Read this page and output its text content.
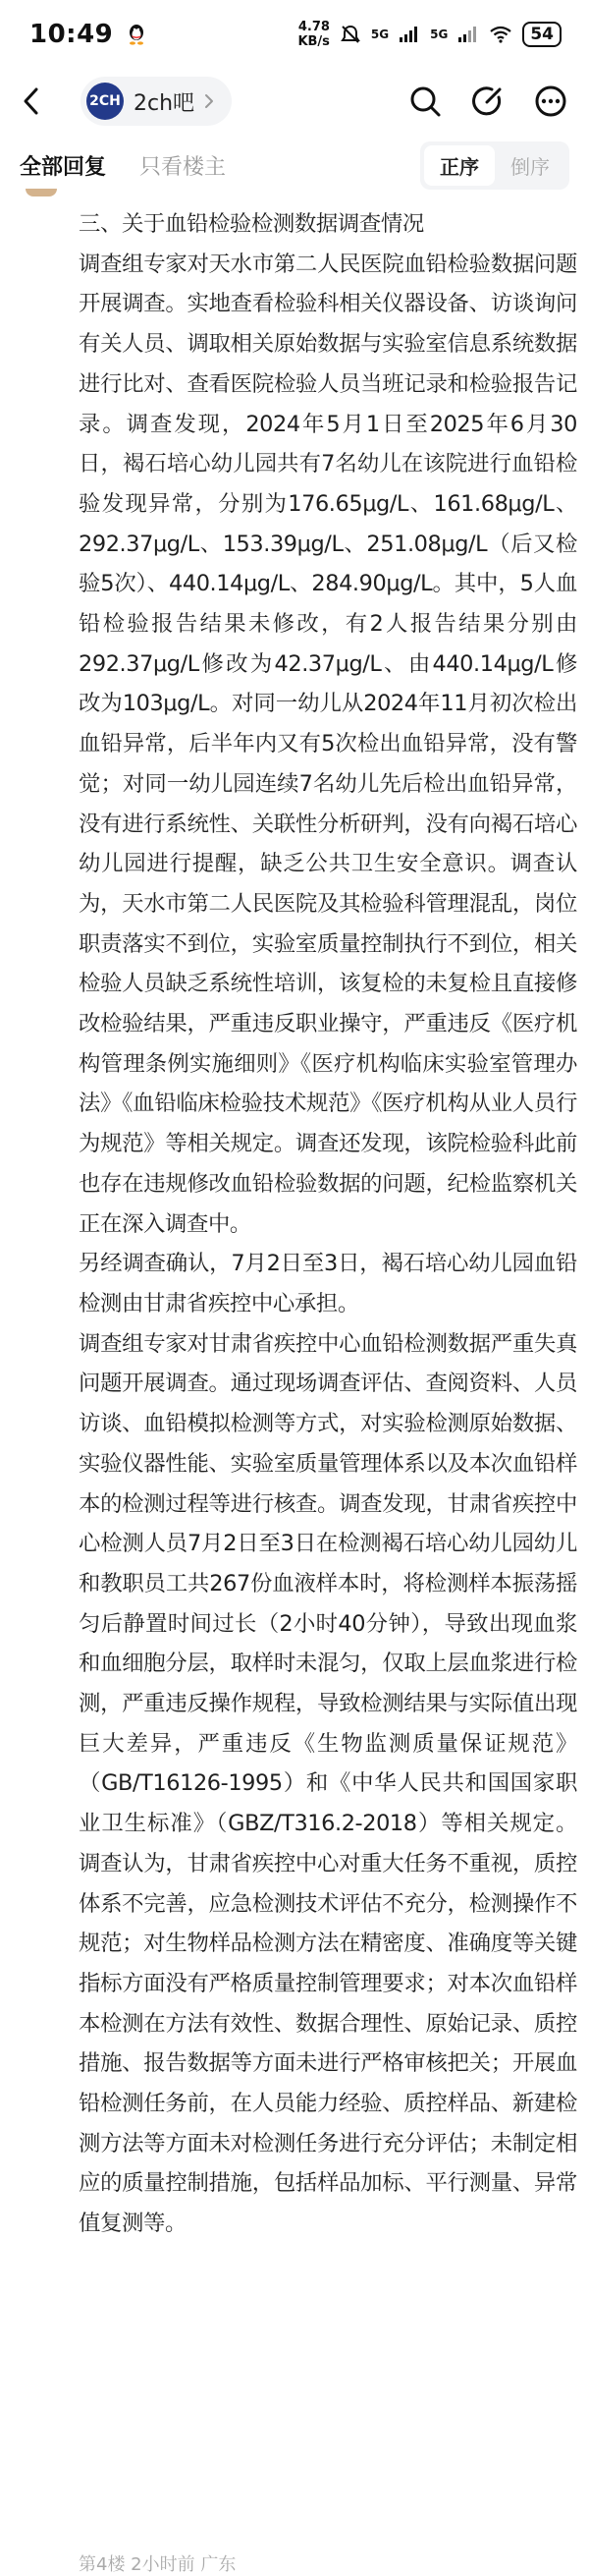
10:49	4.78
KB/s	5G	5G	54
2CH 2ch吧
全部回复 只看楼主	正序	倒序

三、关于血铅检验检测数据调查情况

调查组专家对天水市第二人民医院血铅检验数据问题开展调查。实地查看检验科相关仪器设备、访谈询问有关人员、调取相关原始数据与实验室信息系统数据进行比对、查看医院检验人员当班记录和检验报告记录。调查发现，2024年5月1日至2025年6月30日，褐石培心幼儿园共有7名幼儿在该院进行血铅检验发现异常，分别为176.65μg/L、161.68μg/L、292.37μg/L、153.39μg/L、251.08μg/L（后又检验5次）、440.14μg/L、284.90μg/L。其中，5人血铅检验报告结果未修改，有2人报告结果分别由292.37μg/L修改为42.37μg/L、由440.14μg/L修改为103μg/L。对同一幼儿从2024年11月初次检出血铅异常，后半年内又有5次检出血铅异常，没有警觉；对同一幼儿园连续7名幼儿先后检出血铅异常，没有进行系统性、关联性分析研判，没有向褐石培心幼儿园进行提醒，缺乏公共卫生安全意识。调查认为，天水市第二人民医院及其检验科管理混乱，岗位职责落实不到位，实验室质量控制执行不到位，相关检验人员缺乏系统性培训，该复检的未复检且直接修改检验结果，严重违反职业操守，严重违反《医疗机构管理条例实施细则》《医疗机构临床实验室管理办法》《血铅临床检验技术规范》《医疗机构从业人员行为规范》等相关规定。调查还发现，该院检验科此前也存在违规修改血铅检验数据的问题，纪检监察机关正在深入调查中。

另经调查确认，7月2日至3日，褐石培心幼儿园血铅检测由甘肃省疾控中心承担。

调查组专家对甘肃省疾控中心血铅检测数据严重失真问题开展调查。通过现场调查评估、查阅资料、人员访谈、血铅模拟检测等方式，对实验检测原始数据、实验仪器性能、实验室质量管理体系以及本次血铅样本的检测过程等进行核查。调查发现，甘肃省疾控中心检测人员7月2日至3日在检测褐石培心幼儿园幼儿和教职员工共267份血液样本时，将检测样本振荡摇匀后静置时间过长（2小时40分钟），导致出现血浆和血细胞分层，取样时未混匀，仅取上层血浆进行检测，严重违反操作规程，导致检测结果与实际值出现巨大差异，严重违反《生物监测质量保证规范》（GB/T16126-1995）和《中华人民共和国国家职业卫生标准》（GBZ/T316.2-2018）等相关规定。调查认为，甘肃省疾控中心对重大任务不重视，质控体系不完善，应急检测技术评估不充分，检测操作不规范；对生物样品检测方法在精密度、准确度等关键指标方面没有严格质量控制管理要求；对本次血铅样本检测在方法有效性、数据合理性、原始记录、质控措施、报告数据等方面未进行严格审核把关；开展血铅检测任务前，在人员能力经验、质控样品、新建检测方法等方面未对检测任务进行充分评估；未制定相应的质量控制措施，包括样品加标、平行测量、异常值复测等。

第4楼 2小时前 广东
